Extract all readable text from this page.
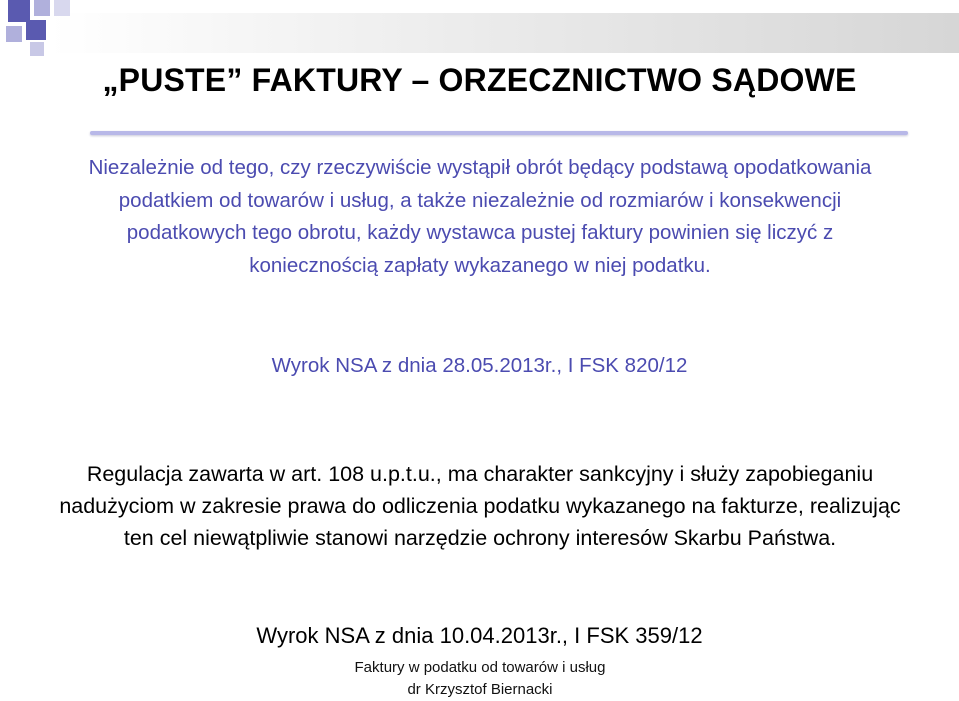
„PUSTE” FAKTURY – ORZECZNICTWO SĄDOWE

Niezależnie od tego, czy rzeczywiście wystąpił obrót będący podstawą opodatkowania podatkiem od towarów i usług, a także niezależnie od rozmiarów i konsekwencji podatkowych tego obrotu, każdy wystawca pustej faktury powinien się liczyć z koniecznością zapłaty wykazanego w niej podatku.

Wyrok NSA z dnia 28.05.2013r., I FSK 820/12

Regulacja zawarta w art. 108 u.p.t.u., ma charakter sankcyjny i służy zapobieganiu nadużyciom w zakresie prawa do odliczenia podatku wykazanego na fakturze, realizując ten cel niewątpliwie stanowi narzędzie ochrony interesów Skarbu Państwa.

Wyrok NSA z dnia 10.04.2013r., I FSK 359/12
Faktury w podatku od towarów i usług
dr Krzysztof Biernacki
